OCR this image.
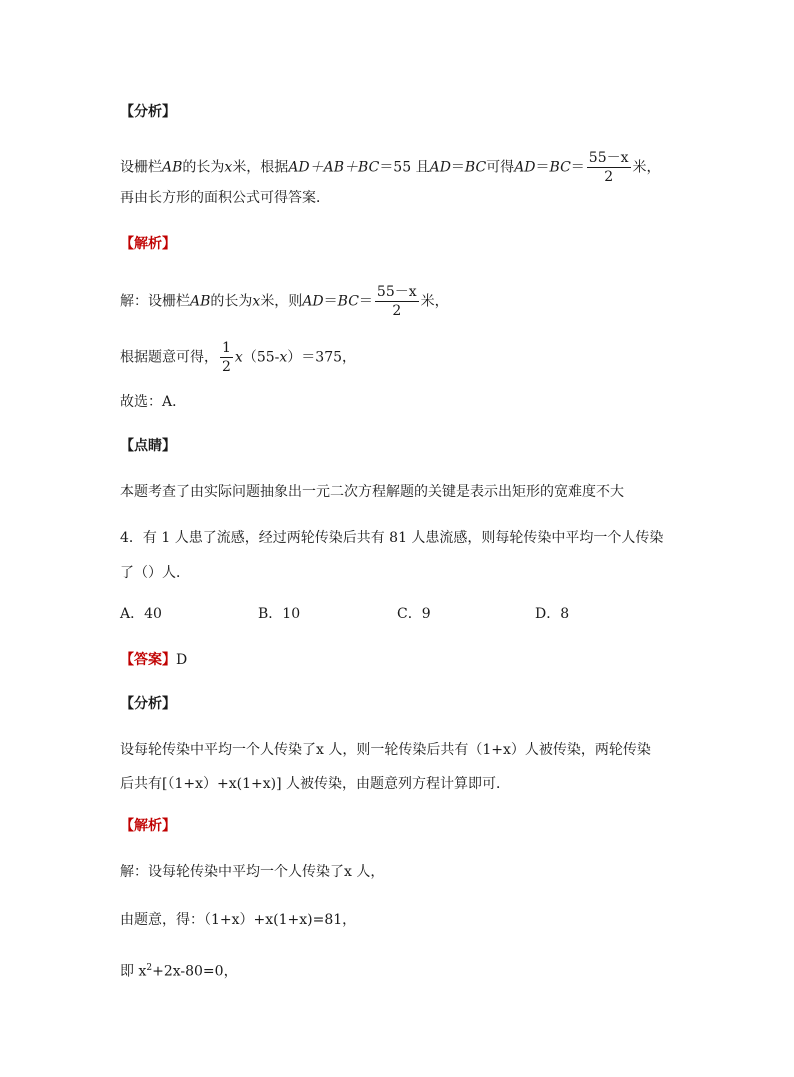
【分析】
设栅栏AB的长为x米，根据AD＋AB＋BC＝55 且AD＝BC可得$AD=BC= \frac{55-x}{2}$ 米，
再由长方形的面积公式可得答案．
【解析】
解：设栅栏AB的长为x米，则$AD=BC= \frac{55-x}{2}$ 米，
根据题意可得， $\frac{1}{2} x(55-x)=375$，
故选：A．
【点睛】
本题考查了由实际问题抽象出一元二次方程解题的关键是表示出矩形的宽难度不大
4．有 1 人患了流感，经过两轮传染后共有 81 人患流感，则每轮传染中平均一个人传染
了（）人．
A．40	B．10	C．9	D．8
【答案】D
【分析】
设每轮传染中平均一个人传染了x 人，则一轮传染后共有（1+x）人被传染，两轮传染
后共有[（1+x）+x(1+x)] 人被传染，由题意列方程计算即可．
【解析】
解：设每轮传染中平均一个人传染了x 人，
由题意，得：（1+x）+x(1+x)=81，
即 $x^2+2x-80=0$，
